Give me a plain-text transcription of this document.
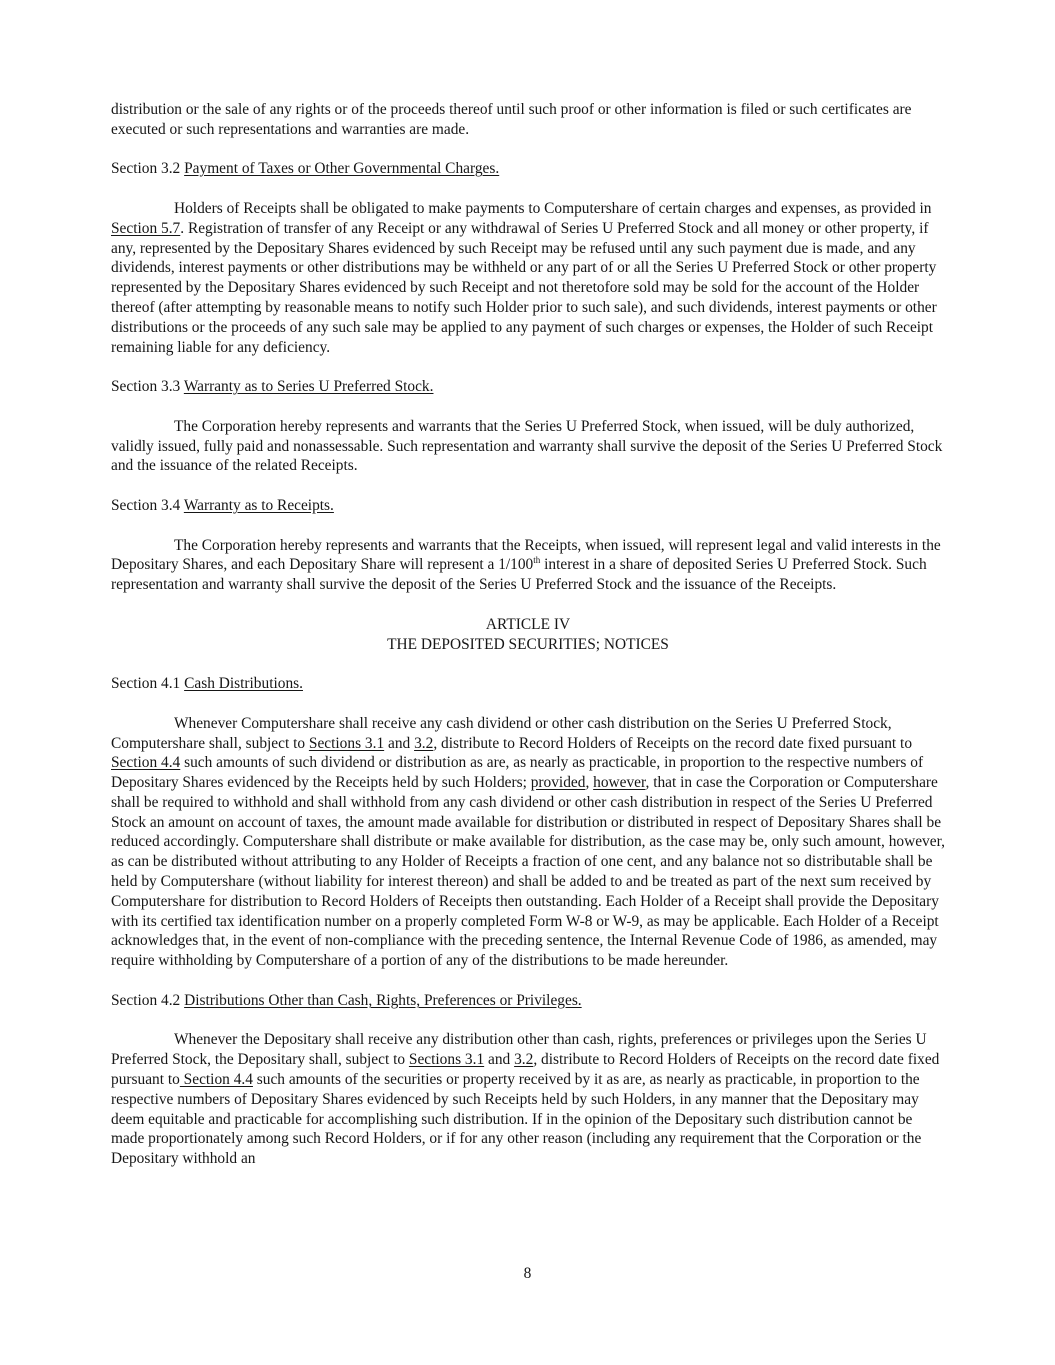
distribution or the sale of any rights or of the proceeds thereof until such proof or other information is filed or such certificates are executed or such representations and warranties are made.

Section 3.2 Payment of Taxes or Other Governmental Charges.

Holders of Receipts shall be obligated to make payments to Computershare of certain charges and expenses, as provided in Section 5.7. Registration of transfer of any Receipt or any withdrawal of Series U Preferred Stock and all money or other property, if any, represented by the Depositary Shares evidenced by such Receipt may be refused until any such payment due is made, and any dividends, interest payments or other distributions may be withheld or any part of or all the Series U Preferred Stock or other property represented by the Depositary Shares evidenced by such Receipt and not theretofore sold may be sold for the account of the Holder thereof (after attempting by reasonable means to notify such Holder prior to such sale), and such dividends, interest payments or other distributions or the proceeds of any such sale may be applied to any payment of such charges or expenses, the Holder of such Receipt remaining liable for any deficiency.

Section 3.3 Warranty as to Series U Preferred Stock.

The Corporation hereby represents and warrants that the Series U Preferred Stock, when issued, will be duly authorized, validly issued, fully paid and nonassessable. Such representation and warranty shall survive the deposit of the Series U Preferred Stock and the issuance of the related Receipts.

Section 3.4 Warranty as to Receipts.

The Corporation hereby represents and warrants that the Receipts, when issued, will represent legal and valid interests in the Depositary Shares, and each Depositary Share will represent a 1/100th interest in a share of deposited Series U Preferred Stock. Such representation and warranty shall survive the deposit of the Series U Preferred Stock and the issuance of the Receipts.

ARTICLE IV
THE DEPOSITED SECURITIES; NOTICES

Section 4.1 Cash Distributions.

Whenever Computershare shall receive any cash dividend or other cash distribution on the Series U Preferred Stock, Computershare shall, subject to Sections 3.1 and 3.2, distribute to Record Holders of Receipts on the record date fixed pursuant to Section 4.4 such amounts of such dividend or distribution as are, as nearly as practicable, in proportion to the respective numbers of Depositary Shares evidenced by the Receipts held by such Holders; provided, however, that in case the Corporation or Computershare shall be required to withhold and shall withhold from any cash dividend or other cash distribution in respect of the Series U Preferred Stock an amount on account of taxes, the amount made available for distribution or distributed in respect of Depositary Shares shall be reduced accordingly. Computershare shall distribute or make available for distribution, as the case may be, only such amount, however, as can be distributed without attributing to any Holder of Receipts a fraction of one cent, and any balance not so distributable shall be held by Computershare (without liability for interest thereon) and shall be added to and be treated as part of the next sum received by Computershare for distribution to Record Holders of Receipts then outstanding. Each Holder of a Receipt shall provide the Depositary with its certified tax identification number on a properly completed Form W-8 or W-9, as may be applicable. Each Holder of a Receipt acknowledges that, in the event of non-compliance with the preceding sentence, the Internal Revenue Code of 1986, as amended, may require withholding by Computershare of a portion of any of the distributions to be made hereunder.

Section 4.2 Distributions Other than Cash, Rights, Preferences or Privileges.

Whenever the Depositary shall receive any distribution other than cash, rights, preferences or privileges upon the Series U Preferred Stock, the Depositary shall, subject to Sections 3.1 and 3.2, distribute to Record Holders of Receipts on the record date fixed pursuant to Section 4.4 such amounts of the securities or property received by it as are, as nearly as practicable, in proportion to the respective numbers of Depositary Shares evidenced by such Receipts held by such Holders, in any manner that the Depositary may deem equitable and practicable for accomplishing such distribution. If in the opinion of the Depositary such distribution cannot be made proportionately among such Record Holders, or if for any other reason (including any requirement that the Corporation or the Depositary withhold an

8
